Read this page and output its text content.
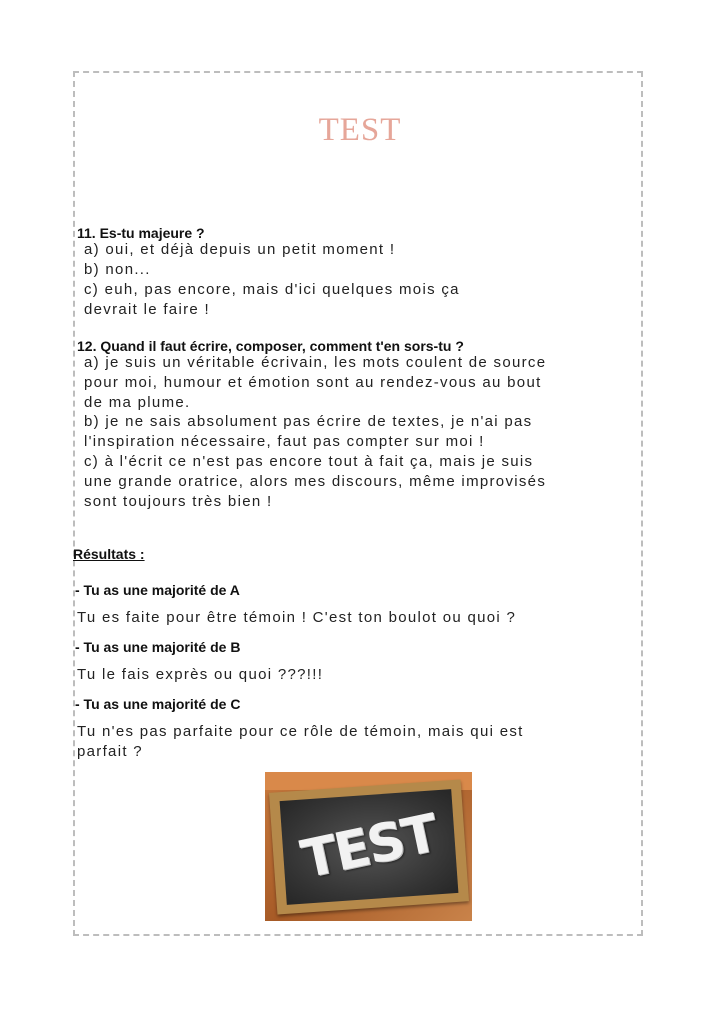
TEST
11. Es-tu majeure ?
a) oui, et déjà depuis un petit moment !
b) non...
c) euh, pas encore, mais d'ici quelques mois ça
devrait le faire !
12. Quand il faut écrire, composer, comment t'en sors-tu ?
a) je suis un véritable écrivain, les mots coulent de source
pour moi, humour et émotion sont au rendez-vous au bout
de ma plume.
b) je ne sais absolument pas écrire de textes, je n'ai pas
l'inspiration nécessaire, faut pas compter sur moi !
c) à l'écrit ce n'est pas encore tout à fait ça, mais je suis
une grande oratrice, alors mes discours, même improvisés
sont toujours très bien !
Résultats :
- Tu as une majorité de A
Tu es faite pour être témoin ! C'est ton boulot ou quoi ?
- Tu as une majorité de B
Tu le fais exprès ou quoi ???!!!
- Tu as une majorité de C
Tu n'es pas parfaite pour ce rôle de témoin, mais qui est
parfait ?
TEST
